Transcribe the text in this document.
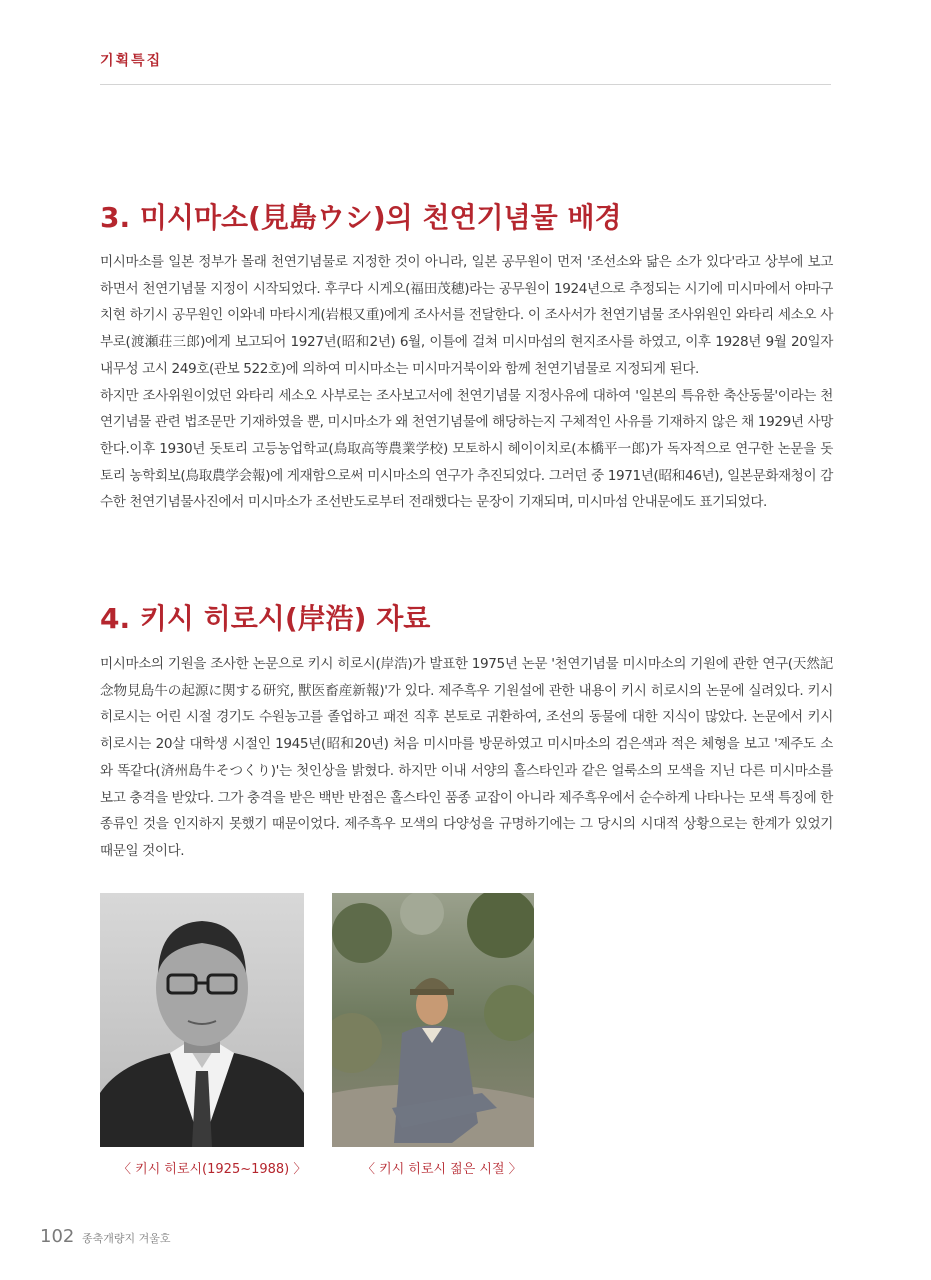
기획특집
3. 미시마소(見島ウシ)의 천연기념물 배경

미시마소를 일본 정부가 몰래 천연기념물로 지정한 것이 아니라, 일본 공무원이 먼저 '조선소와 닮은 소가 있다'라고 상부에 보고하면서 천연기념물 지정이 시작되었다. 후쿠다 시게오(福田茂穂)라는 공무원이 1924년으로 추정되는 시기에 미시마에서 야마구치현 하기시 공무원인 이와네 마타시게(岩根又重)에게 조사서를 전달한다. 이 조사서가 천연기념물 조사위원인 와타리 세소오 사부로(渡瀬荘三郎)에게 보고되어 1927년(昭和2년) 6월, 이틀에 걸쳐 미시마섬의 현지조사를 하였고, 이후 1928년 9월 20일자 내무성 고시 249호(관보 522호)에 의하여 미시마소는 미시마거북이와 함께 천연기념물로 지정되게 된다.

하지만 조사위원이었던 와타리 세소오 사부로는 조사보고서에 천연기념물 지정사유에 대하여 '일본의 특유한 축산동물'이라는 천연기념물 관련 법조문만 기재하였을 뿐, 미시마소가 왜 천연기념물에 해당하는지 구체적인 사유를 기재하지 않은 채 1929년 사망한다.이후 1930년 돗토리 고등농업학교(鳥取高等農業学校) 모토하시 헤이이치로(本橋平一郎)가 독자적으로 연구한 논문을 돗토리 농학회보(鳥取農学会報)에 게재함으로써 미시마소의 연구가 추진되었다. 그러던 중 1971년(昭和46년), 일본문화재청이 감수한 천연기념물사진에서 미시마소가 조선반도로부터 전래했다는 문장이 기재되며, 미시마섬 안내문에도 표기되었다.

4. 키시 히로시(岸浩) 자료

미시마소의 기원을 조사한 논문으로 키시 히로시(岸浩)가 발표한 1975년 논문 '천연기념물 미시마소의 기원에 관한 연구(天然記念物見島牛の起源に関する研究, 獸医畜産新報)'가 있다. 제주흑우 기원설에 관한 내용이 키시 히로시의 논문에 실려있다. 키시 히로시는 어린 시절 경기도 수원농고를 졸업하고 패전 직후 본토로 귀환하여, 조선의 동물에 대한 지식이 많았다. 논문에서 키시 히로시는 20살 대학생 시절인 1945년(昭和20년) 처음 미시마를 방문하였고 미시마소의 검은색과 적은 체형을 보고 '제주도 소와 똑같다(済州島牛そつくり)'는 첫인상을 밝혔다. 하지만 이내 서양의 홀스타인과 같은 얼룩소의 모색을 지닌 다른 미시마소를 보고 충격을 받았다. 그가 충격을 받은 백반 반점은 홀스타인 품종 교잡이 아니라 제주흑우에서 순수하게 나타나는 모색 특징에 한 종류인 것을 인지하지 못했기 때문이었다. 제주흑우 모색의 다양성을 규명하기에는 그 당시의 시대적 상황으로는 한계가 있었기 때문일 것이다.

〈 키시 히로시(1925~1988) 〉	〈 키시 히로시 젊은 시절 〉
102 종축개량지 겨울호
